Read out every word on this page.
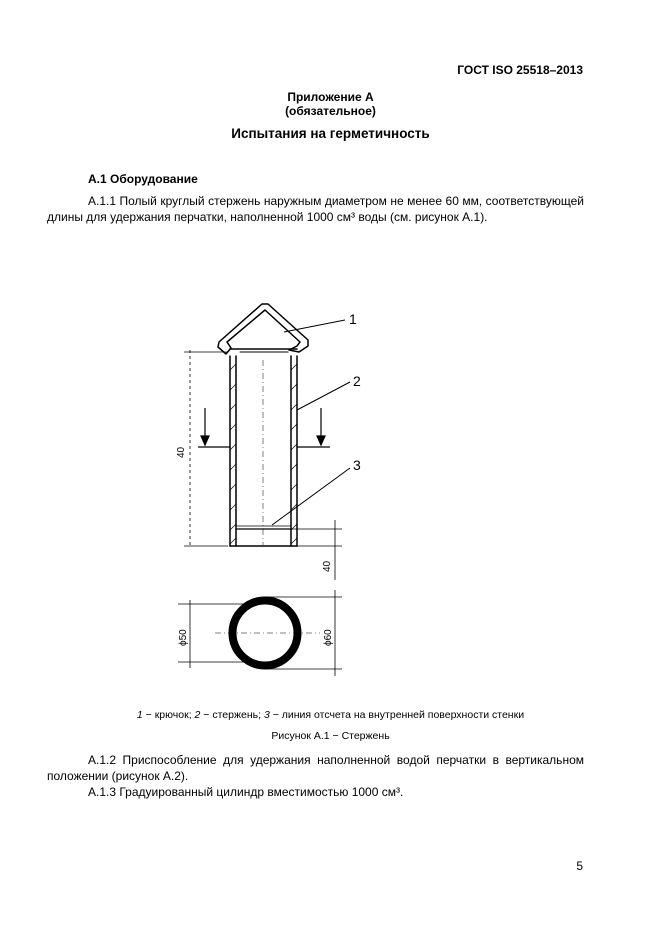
ГОСТ ISO 25518–2013
Приложение А
(обязательное)
Испытания на герметичность
А.1 Оборудование
А.1.1 Полый круглый стержень наружным диаметром не менее 60 мм, соответствующей длины для удержания перчатки, наполненной 1000 см³ воды (см. рисунок А.1).
40
40
1
2
3
ϕ50	ϕ60
1 − крючок; 2 − стержень; 3 − линия отсчета на внутренней поверхности стенки
Рисунок А.1 − Стержень
А.1.2 Приспособление для удержания наполненной водой перчатки в вертикальном положении (рисунок А.2).
А.1.3 Градуированный цилиндр вместимостью 1000 см³.
5
